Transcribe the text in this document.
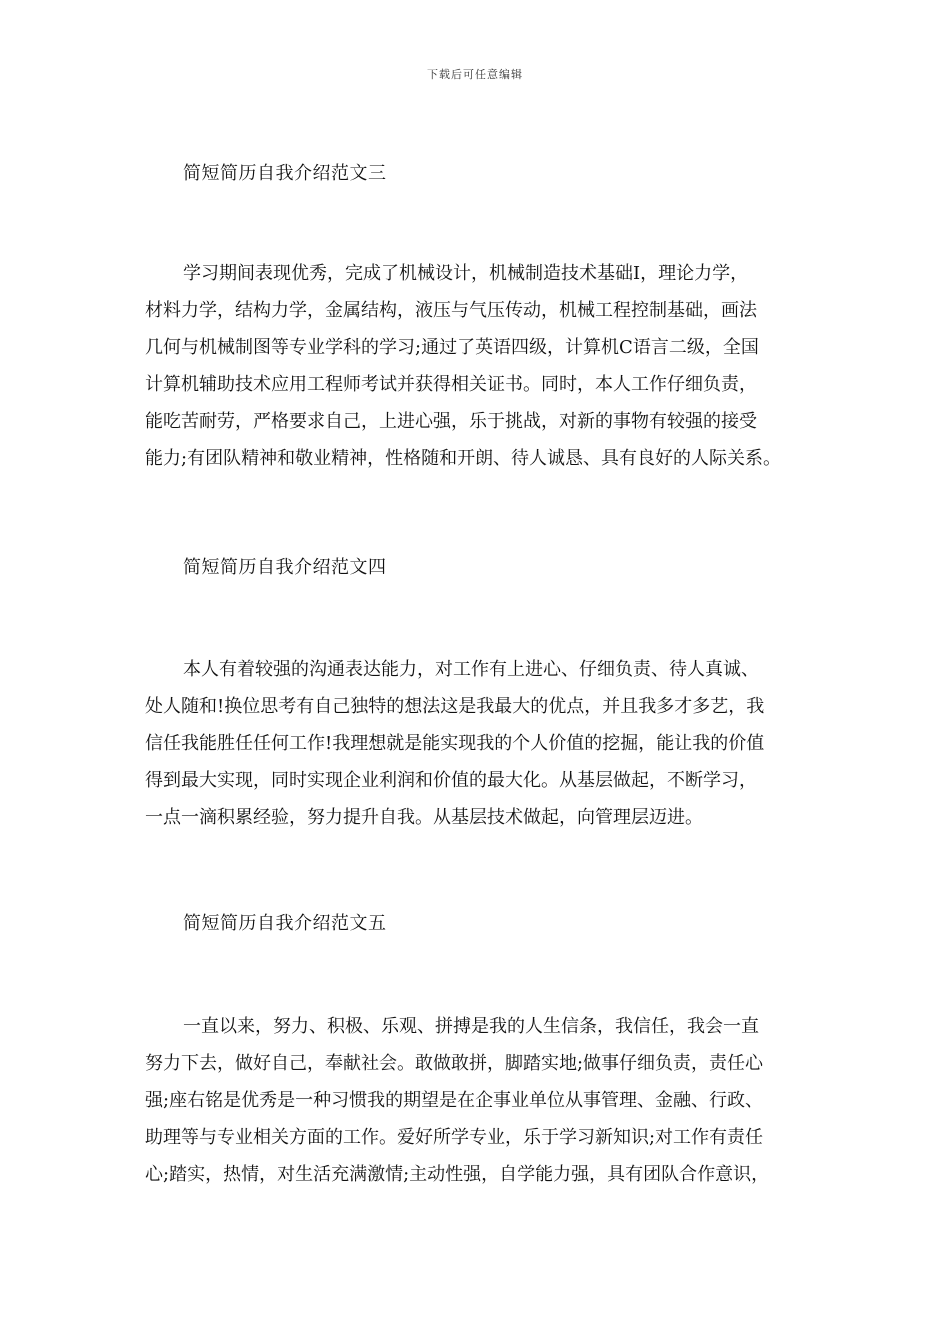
下载后可任意编辑
简短简历自我介绍范文三
学习期间表现优秀，完成了机械设计，机械制造技术基础Ⅰ，理论力学，
材料力学，结构力学，金属结构，液压与气压传动，机械工程控制基础，画法
几何与机械制图等专业学科的学习;通过了英语四级，计算机C语言二级，全国
计算机辅助技术应用工程师考试并获得相关证书。同时，本人工作仔细负责，
能吃苦耐劳，严格要求自己，上进心强，乐于挑战，对新的事物有较强的接受
能力;有团队精神和敬业精神，性格随和开朗、待人诚恳、具有良好的人际关系。
简短简历自我介绍范文四
本人有着较强的沟通表达能力，对工作有上进心、仔细负责、待人真诚、
处人随和!换位思考有自己独特的想法这是我最大的优点，并且我多才多艺，我
信任我能胜任任何工作!我理想就是能实现我的个人价值的挖掘，能让我的价值
得到最大实现，同时实现企业利润和价值的最大化。从基层做起，不断学习，
一点一滴积累经验，努力提升自我。从基层技术做起，向管理层迈进。
简短简历自我介绍范文五
一直以来，努力、积极、乐观、拼搏是我的人生信条，我信任，我会一直
努力下去，做好自己，奉献社会。敢做敢拼，脚踏实地;做事仔细负责，责任心
强;座右铭是优秀是一种习惯我的期望是在企事业单位从事管理、金融、行政、
助理等与专业相关方面的工作。爱好所学专业，乐于学习新知识;对工作有责任
心;踏实，热情，对生活充满激情;主动性强，自学能力强，具有团队合作意识，
